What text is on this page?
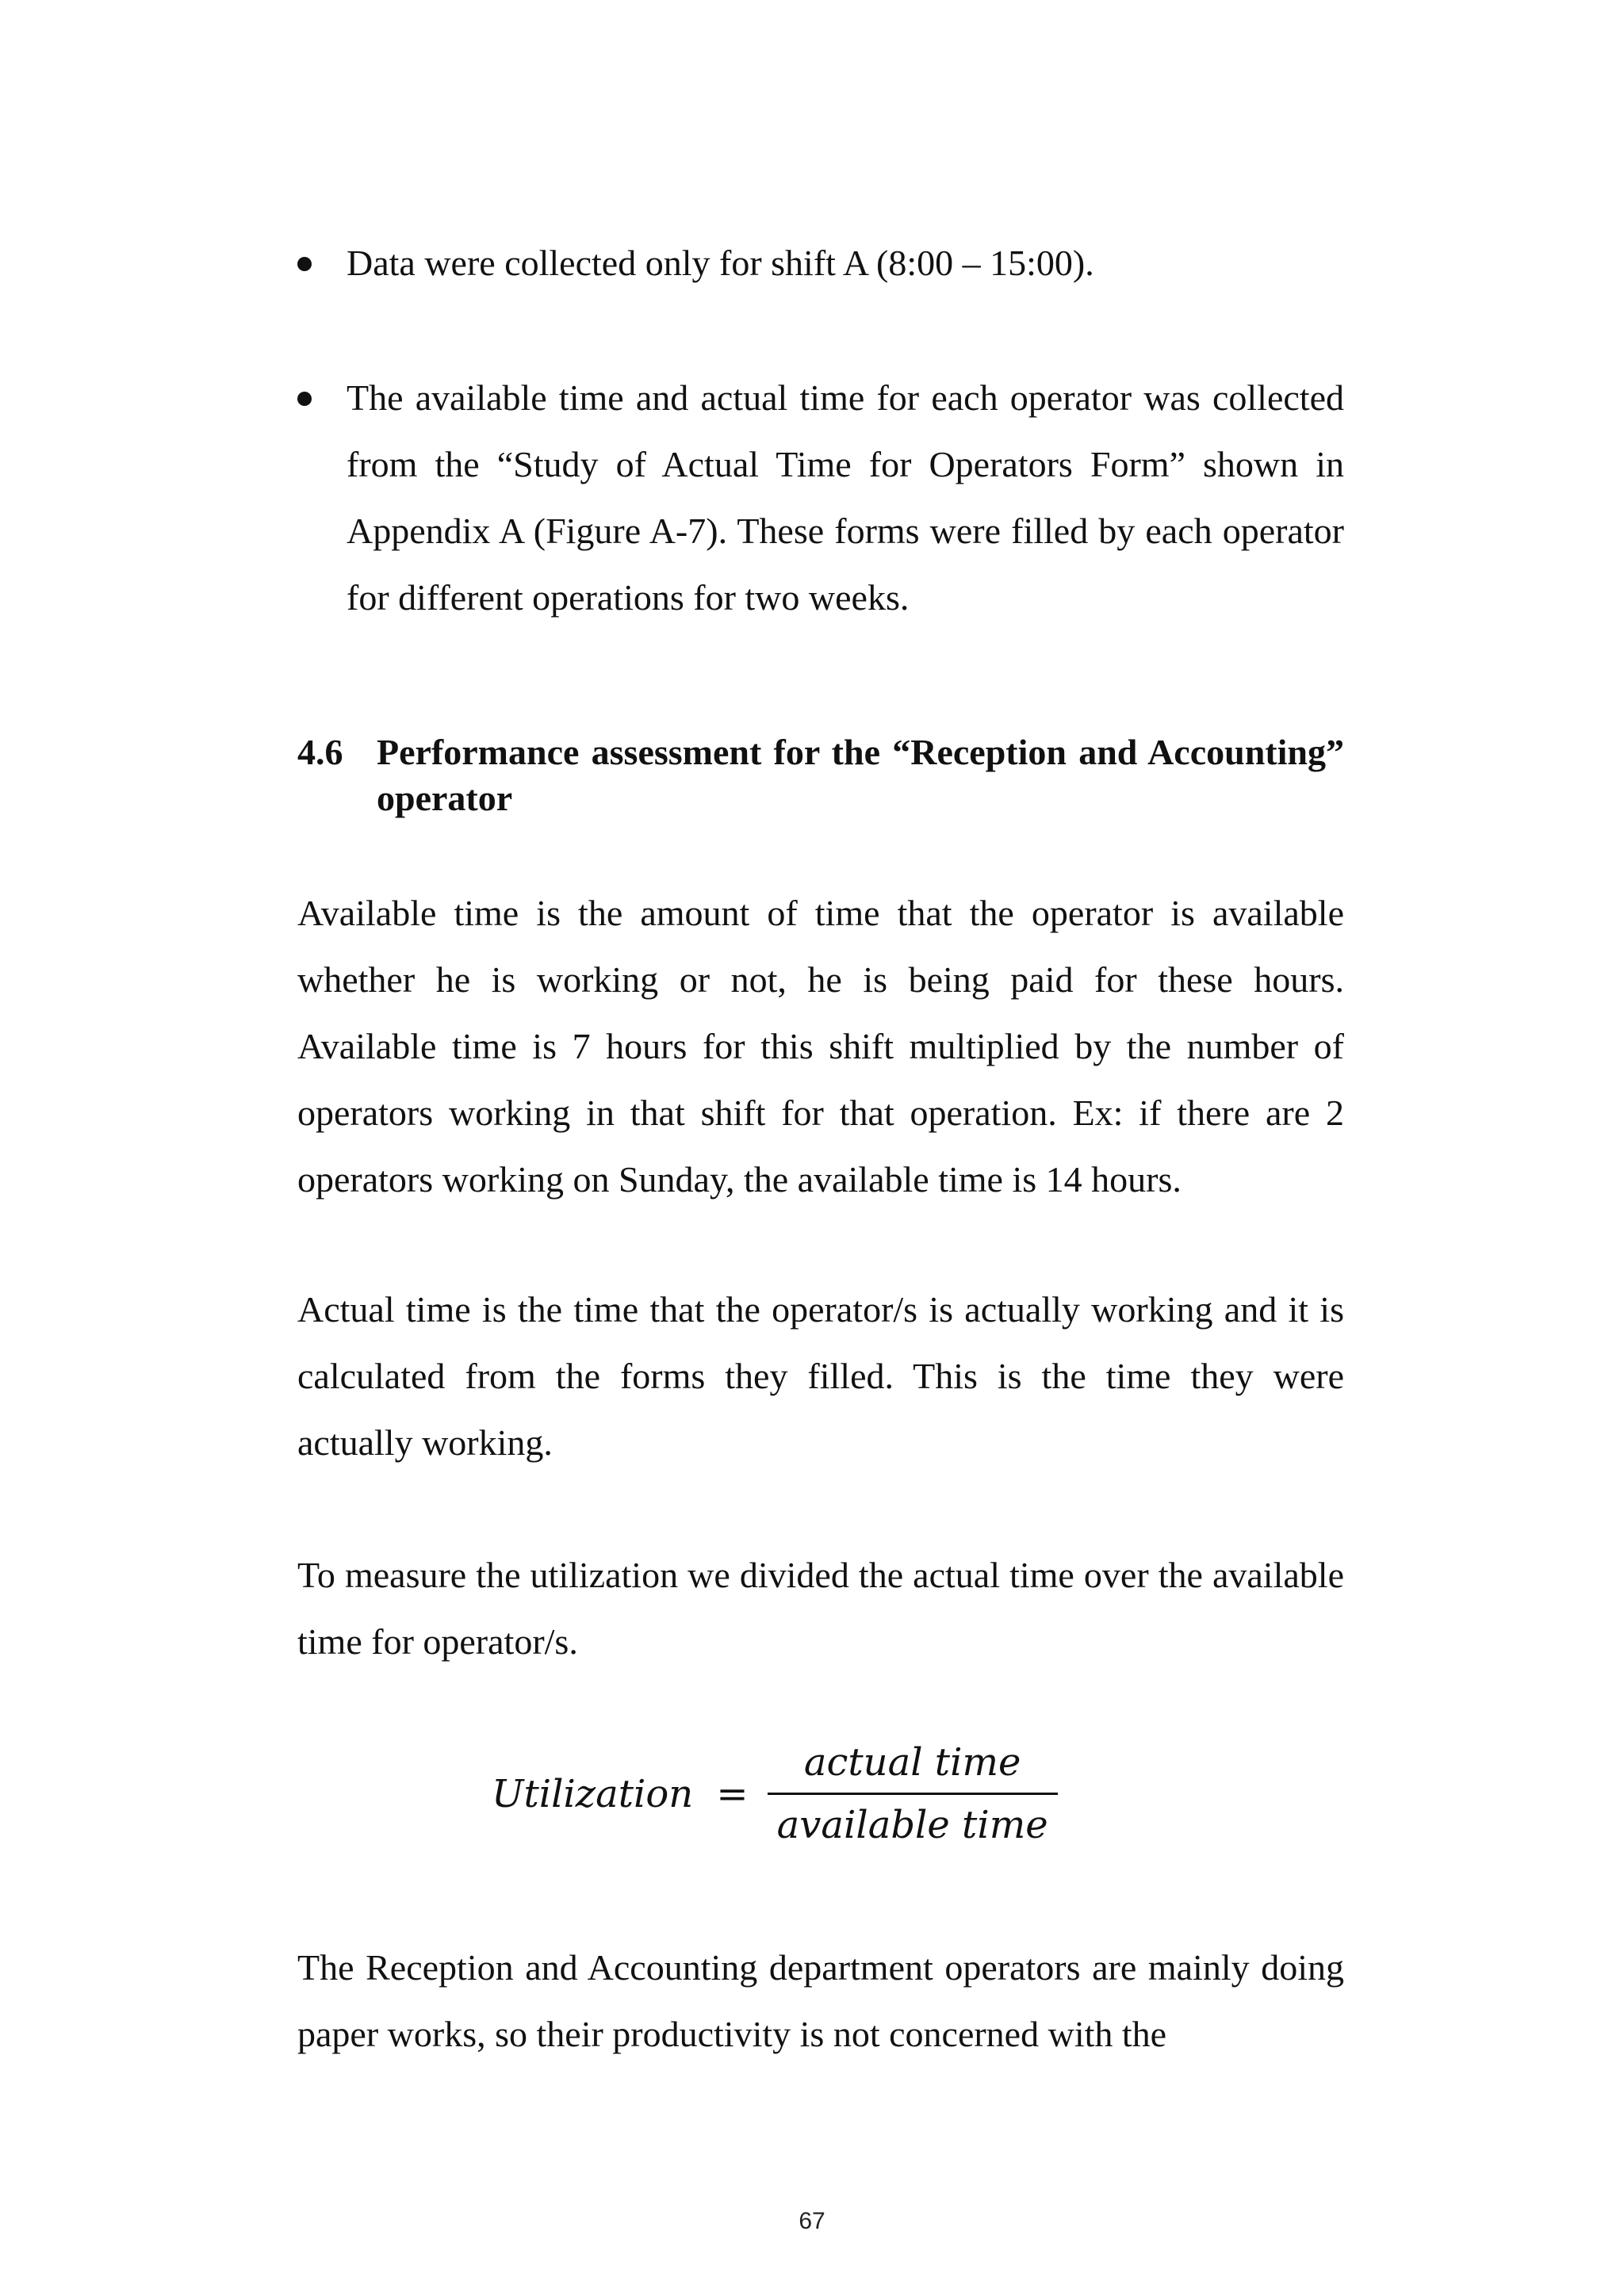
Data were collected only for shift A (8:00 – 15:00).
The available time and actual time for each operator was collected from the “Study of Actual Time for Operators Form” shown in Appendix A (Figure A-7). These forms were filled by each operator for different operations for two weeks.
4.6 Performance assessment for the “Reception and Accounting” operator

Available time is the amount of time that the operator is available whether he is working or not, he is being paid for these hours. Available time is 7 hours for this shift multiplied by the number of operators working in that shift for that operation. Ex: if there are 2 operators working on Sunday, the available time is 14 hours.

Actual time is the time that the operator/s is actually working and it is calculated from the forms they filled. This is the time they were actually working.

To measure the utilization we divided the actual time over the available time for operator/s.

Utilization = $\frac{\text{actual time}}{\text{available time}}$

The Reception and Accounting department operators are mainly doing paper works, so their productivity is not concerned with the

67
